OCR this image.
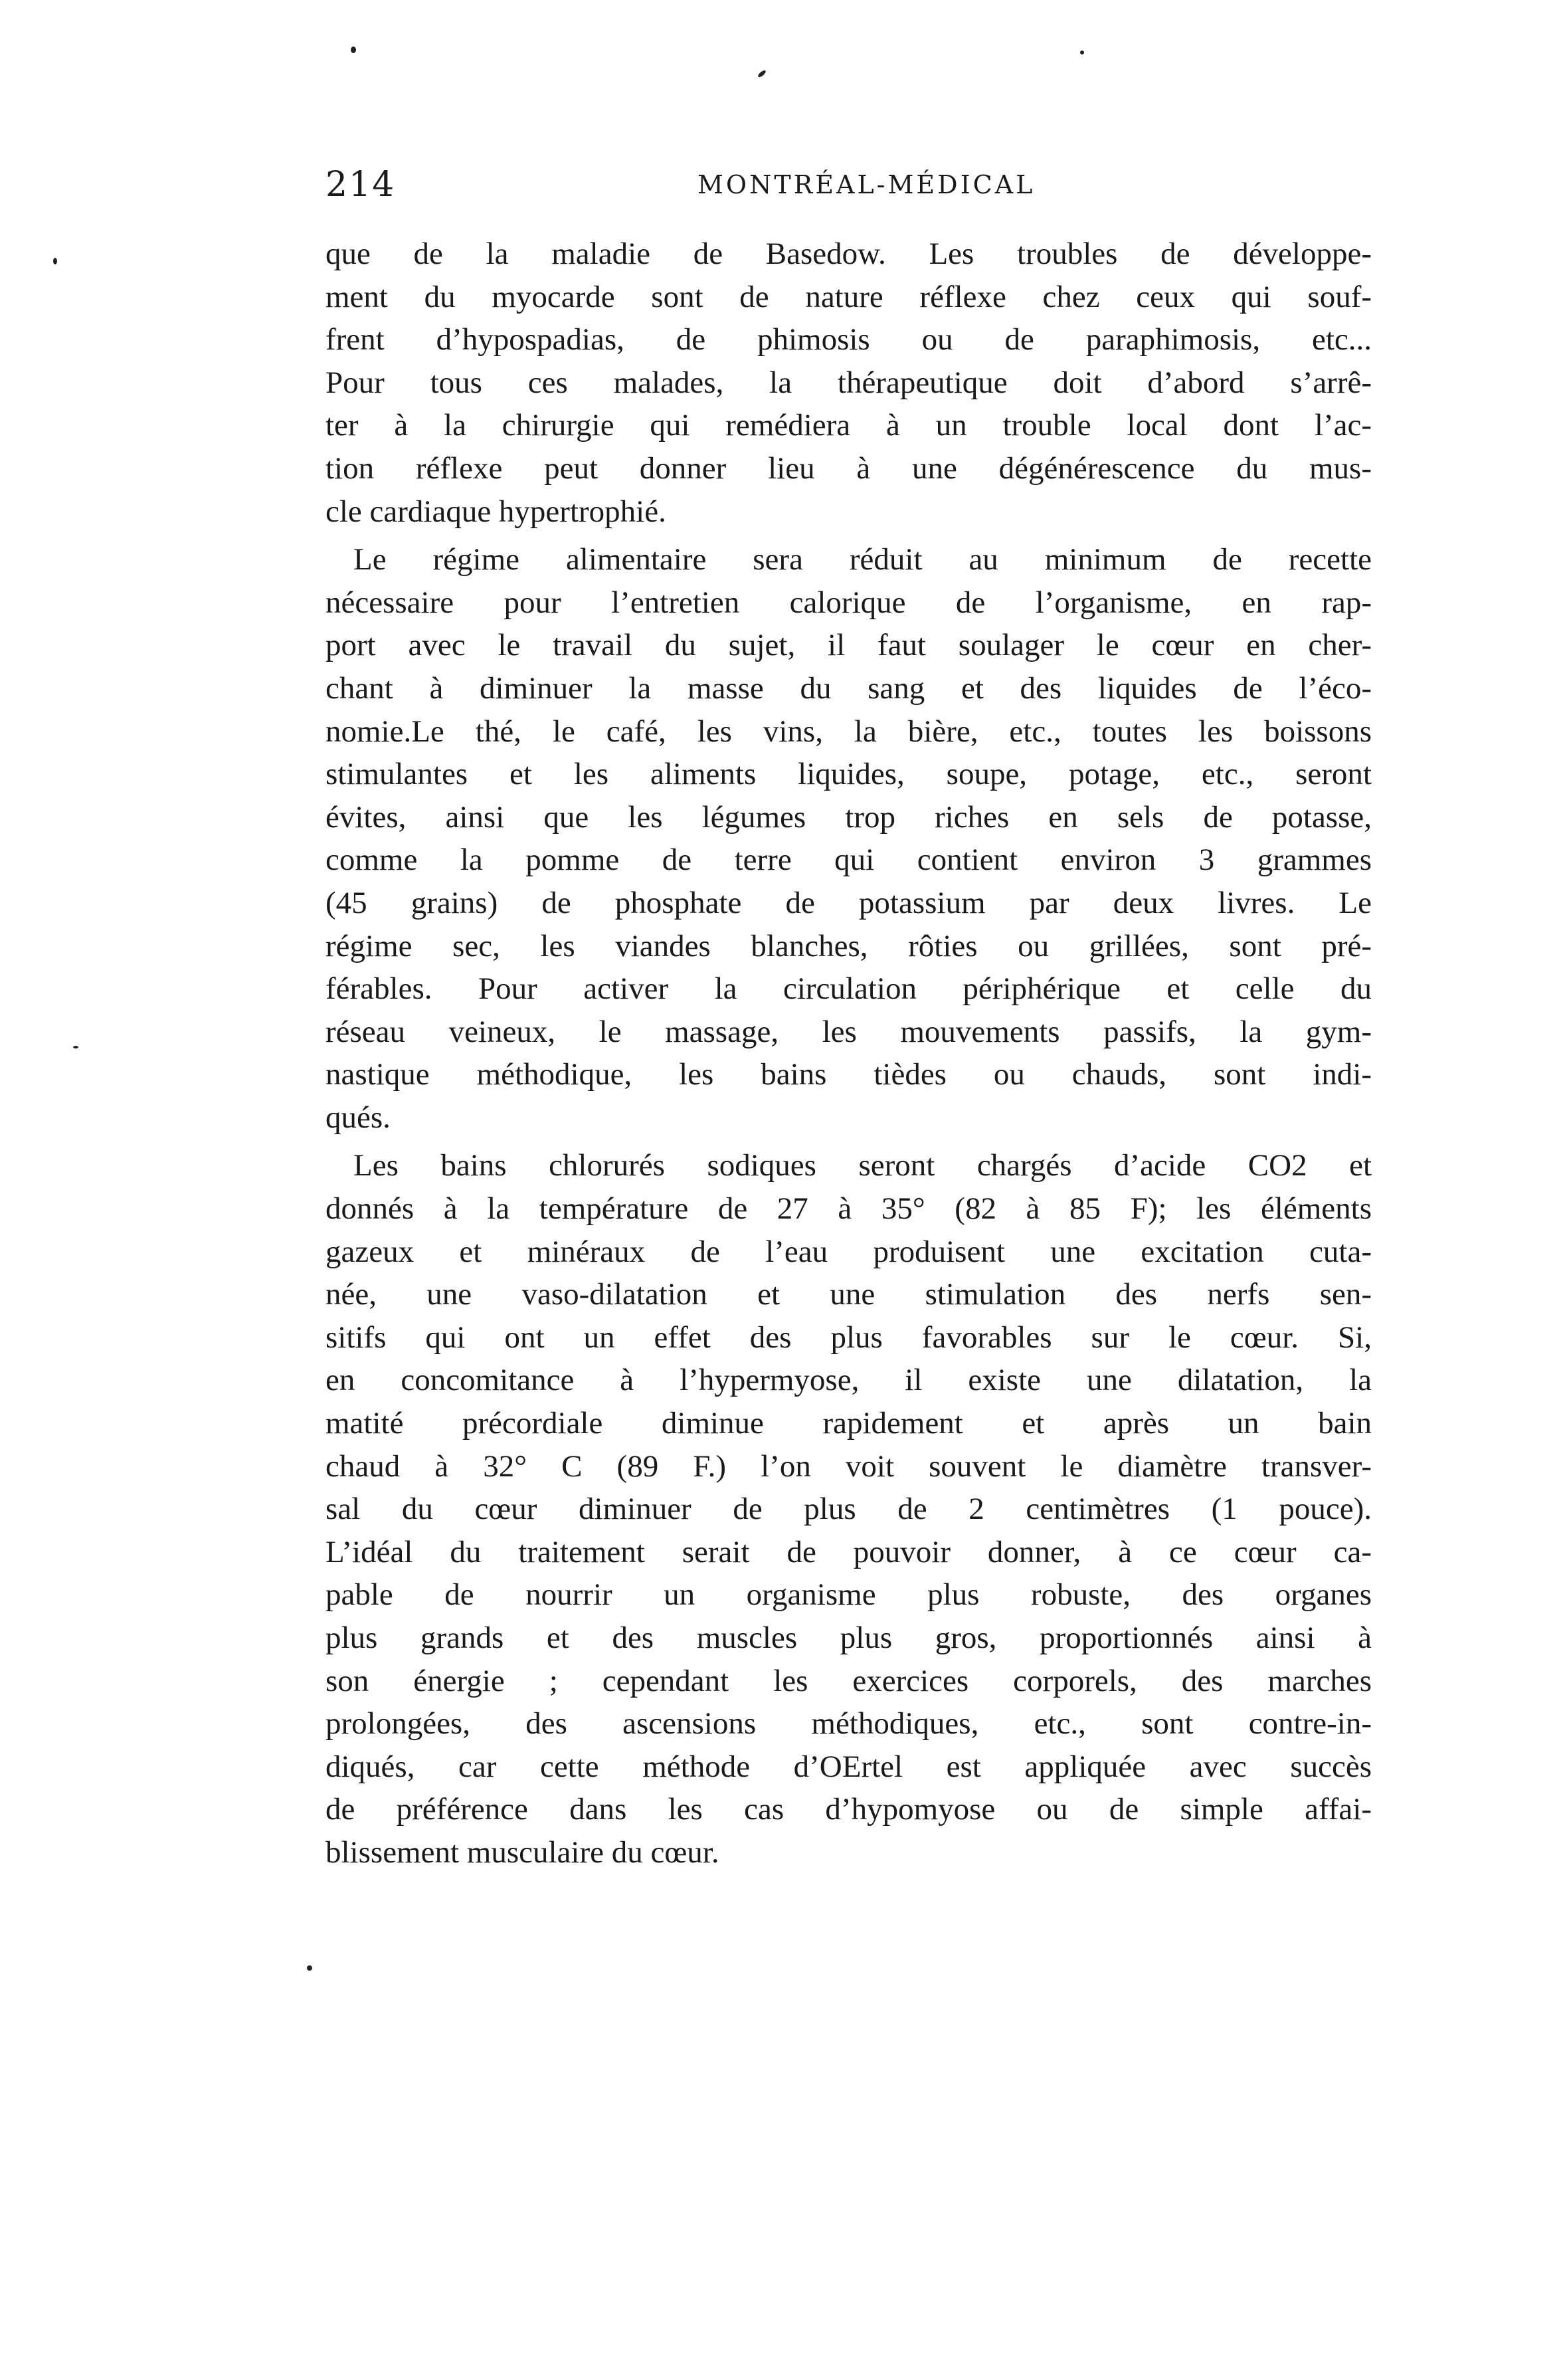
214	MONTRÉAL-MÉDICAL
que de la maladie de Basedow. Les troubles de développe-
ment du myocarde sont de nature réflexe chez ceux qui souf-
frent d’hypospadias, de phimosis ou de paraphimosis, etc...
Pour tous ces malades, la thérapeutique doit d’abord s’arrê-
ter à la chirurgie qui remédiera à un trouble local dont l’ac-
tion réflexe peut donner lieu à une dégénérescence du mus-
cle cardiaque hypertrophié.
Le régime alimentaire sera réduit au minimum de recette
nécessaire pour l’entretien calorique de l’organisme, en rap-
port avec le travail du sujet, il faut soulager le cœur en cher-
chant à diminuer la masse du sang et des liquides de l’éco-
nomie.Le thé, le café, les vins, la bière, etc., toutes les boissons
stimulantes et les aliments liquides, soupe, potage, etc., seront
évites, ainsi que les légumes trop riches en sels de potasse,
comme la pomme de terre qui contient environ 3 grammes
(45 grains) de phosphate de potassium par deux livres. Le
régime sec, les viandes blanches, rôties ou grillées, sont pré-
férables. Pour activer la circulation périphérique et celle du
réseau veineux, le massage, les mouvements passifs, la gym-
nastique méthodique, les bains tièdes ou chauds, sont indi-
qués.
Les bains chlorurés sodiques seront chargés d’acide CO2 et
donnés à la température de 27 à 35° (82 à 85 F); les éléments
gazeux et minéraux de l’eau produisent une excitation cuta-
née, une vaso-dilatation et une stimulation des nerfs sen-
sitifs qui ont un effet des plus favorables sur le cœur. Si,
en concomitance à l’hypermyose, il existe une dilatation, la
matité précordiale diminue rapidement et après un bain
chaud à 32° C (89 F.) l’on voit souvent le diamètre transver-
sal du cœur diminuer de plus de 2 centimètres (1 pouce).
L’idéal du traitement serait de pouvoir donner, à ce cœur ca-
pable de nourrir un organisme plus robuste, des organes
plus grands et des muscles plus gros, proportionnés ainsi à
son énergie ; cependant les exercices corporels, des marches
prolongées, des ascensions méthodiques, etc., sont contre-in-
diqués, car cette méthode d’OErtel est appliquée avec succès
de préférence dans les cas d’hypomyose ou de simple affai-
blissement musculaire du cœur.
